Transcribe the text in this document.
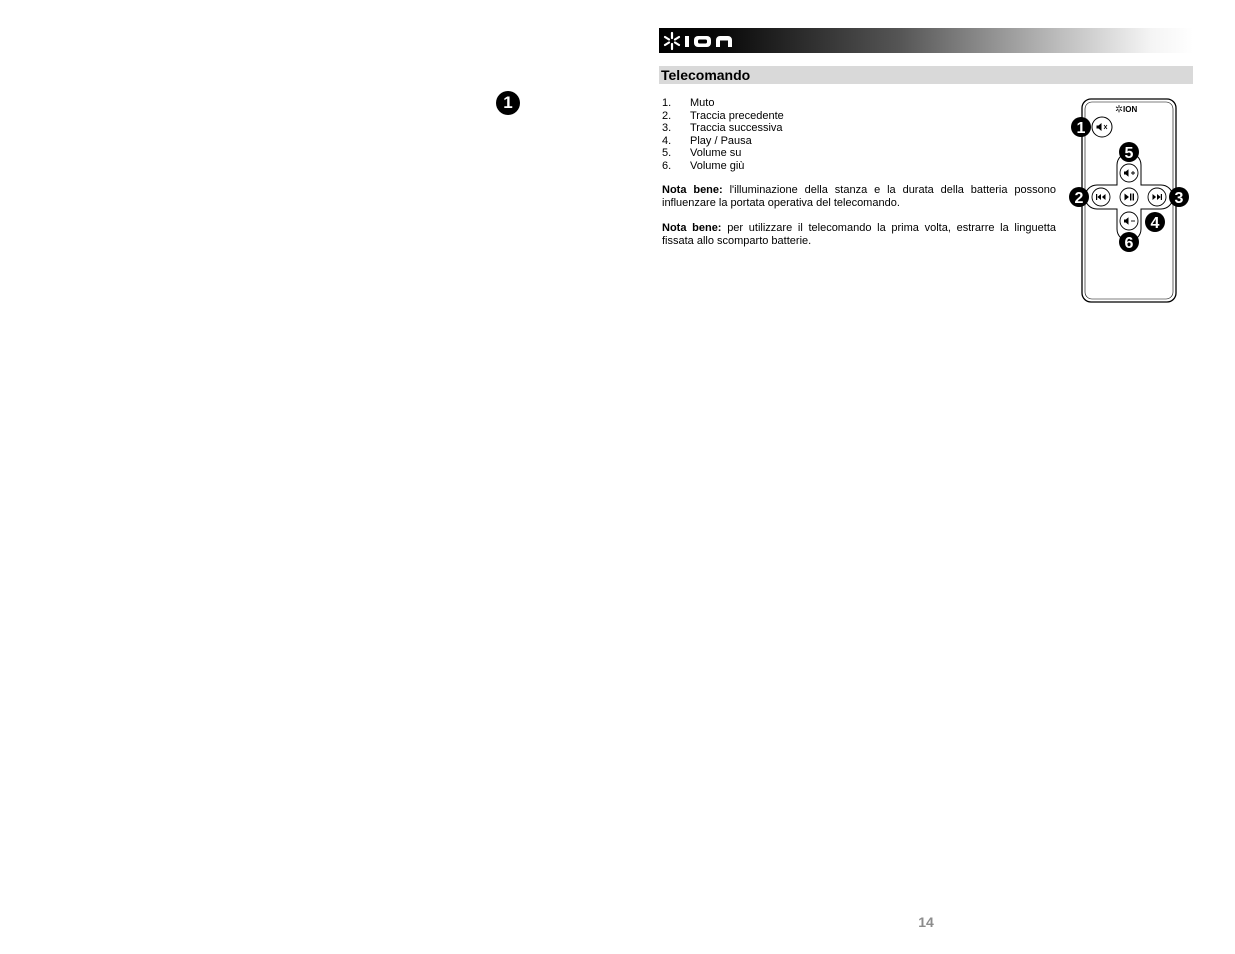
1
Telecomando
1. Muto
2. Traccia precedente
3. Traccia successiva
4. Play / Pausa
5. Volume su
6. Volume giù

Nota bene: l'illuminazione della stanza e la durata della batteria possono influenzare la portata operativa del telecomando.

Nota bene: per utilizzare il telecomando la prima volta, estrarre la linguetta fissata allo scomparto batterie.

ION
1
5
2	3
4
6
14
